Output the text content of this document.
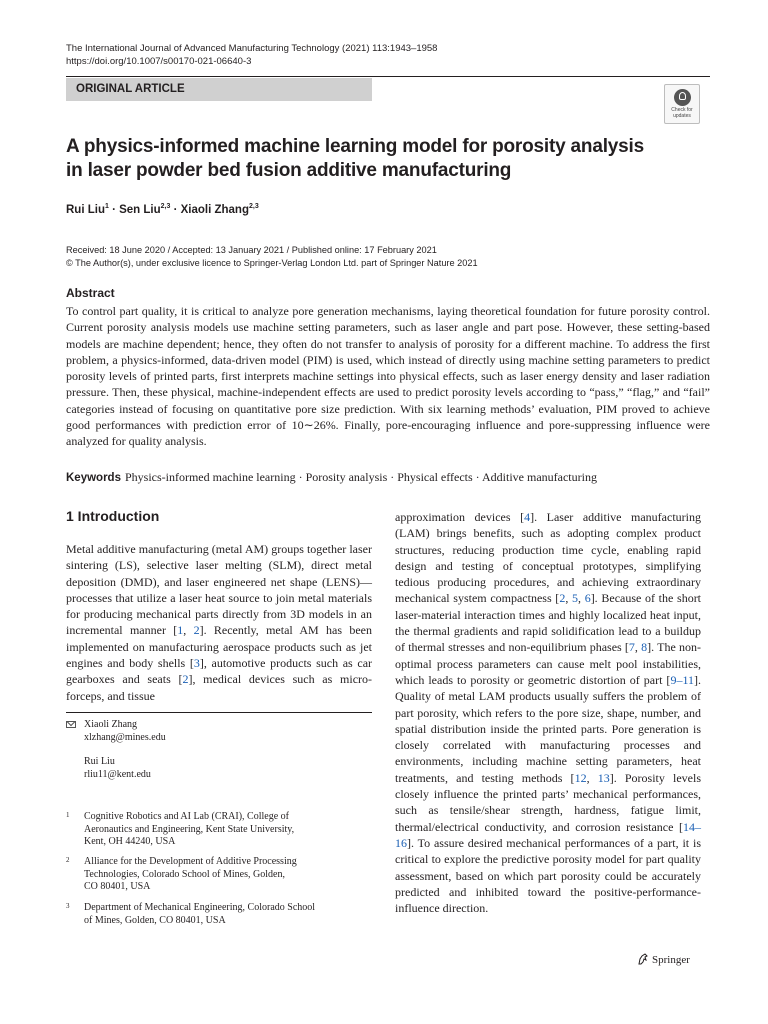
The International Journal of Advanced Manufacturing Technology (2021) 113:1943–1958
https://doi.org/10.1007/s00170-021-06640-3
ORIGINAL ARTICLE
Check for
updates
A physics-informed machine learning model for porosity analysis
in laser powder bed fusion additive manufacturing
Rui Liu$^1$ · Sen Liu$^{2,3}$ · Xiaoli Zhang$^{2,3}$
Received: 18 June 2020 / Accepted: 13 January 2021 / Published online: 17 February 2021
© The Author(s), under exclusive licence to Springer-Verlag London Ltd. part of Springer Nature 2021
Abstract
To control part quality, it is critical to analyze pore generation mechanisms, laying theoretical foundation for future porosity control. Current porosity analysis models use machine setting parameters, such as laser angle and part pose. However, these setting-based models are machine dependent; hence, they often do not transfer to analysis of porosity for a different machine. To address the first problem, a physics-informed, data-driven model (PIM) is used, which instead of directly using machine setting parameters to predict porosity levels of printed parts, first interprets machine settings into physical effects, such as laser energy density and laser radiation pressure. Then, these physical, machine-independent effects are used to predict porosity levels according to “pass,” “flag,” and “fail” categories instead of focusing on quantitative pore size prediction. With six learning methods’ evaluation, PIM proved to achieve good performances with prediction error of 10∼26%. Finally, pore-encouraging influence and pore-suppressing influence were analyzed for quality analysis.
Keywords Physics-informed machine learning · Porosity analysis · Physical effects · Additive manufacturing
1 Introduction
Metal additive manufacturing (metal AM) groups together laser sintering (LS), selective laser melting (SLM), direct metal deposition (DMD), and laser engineered net shape (LENS)—processes that utilize a laser heat source to join metal materials for producing mechanical parts directly from 3D models in an incremental manner [1, 2]. Recently, metal AM has been implemented on manufacturing aerospace products such as jet engines and body shells [3], automotive products such as car gearboxes and seats [2], medical devices such as micro-forceps, and tissue
approximation devices [4]. Laser additive manufacturing (LAM) brings benefits, such as adopting complex product structures, reducing production time cycle, enabling rapid design and testing of conceptual prototypes, simplifying tedious producing procedures, and achieving extraordinary mechanical system compactness [2, 5, 6]. Because of the short laser-material interaction times and highly localized heat input, the thermal gradients and rapid solidification lead to a buildup of thermal stresses and non-equilibrium phases [7, 8]. The non-optimal process parameters can cause melt pool instabilities, which leads to porosity or geometric distortion of part [9–11]. Quality of metal LAM products usually suffers the problem of part porosity, which refers to the pore size, shape, number, and spatial distribution inside the printed parts. Pore generation is closely correlated with manufacturing processes and environments, including machine setting parameters, heat treatments, and testing methods [12, 13]. Porosity levels closely influence the printed parts’ mechanical performances, such as tensile/shear strength, hardness, fatigue limit, thermal/electrical conductivity, and corrosion resistance [14–16]. To assure desired mechanical performances of a part, it is critical to explore the predictive porosity model for part quality assessment, based on which part porosity could be accurately predicted and inhibited toward the positive-performance-influence direction.
Xiaoli Zhang
xlzhang@mines.edu
Rui Liu
rliu11@kent.edu
1 Cognitive Robotics and AI Lab (CRAI), College of
Aeronautics and Engineering, Kent State University,
Kent, OH 44240, USA
2 Alliance for the Development of Additive Processing
Technologies, Colorado School of Mines, Golden,
CO 80401, USA
3 Department of Mechanical Engineering, Colorado School
of Mines, Golden, CO 80401, USA
Springer
